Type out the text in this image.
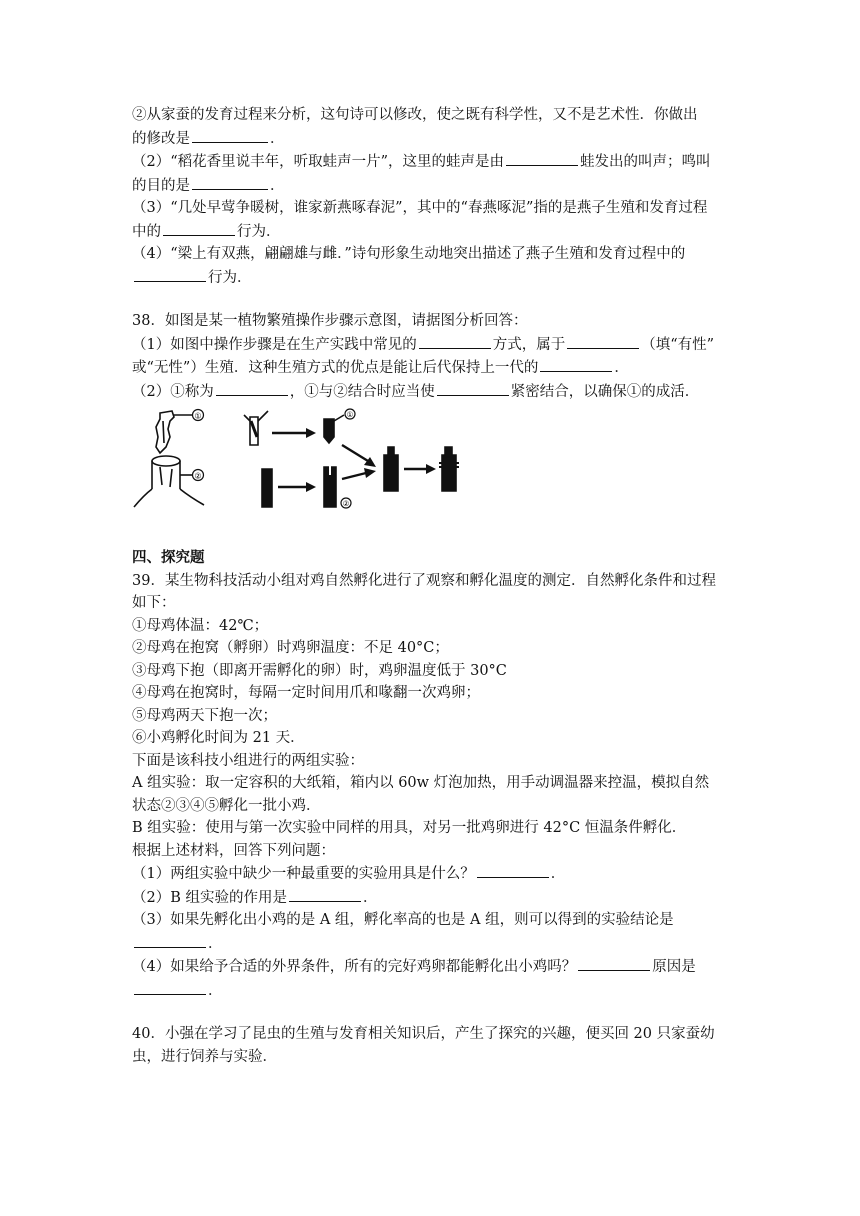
②从家蚕的发育过程来分析，这句诗可以修改，使之既有科学性，又不是艺术性．你做出

的修改是	．

（2）“稻花香里说丰年，听取蛙声一片”，这里的蛙声是由	蛙发出的叫声；鸣叫

的目的是	．

（3）“几处早莺争暖树，谁家新燕啄春泥”，其中的“春燕啄泥”指的是燕子生殖和发育过程

中的	行为．

（4）“梁上有双燕，翩翩雄与雌．”诗句形象生动地突出描述了燕子生殖和发育过程中的

行为．

38．如图是某一植物繁殖操作步骤示意图，请据图分析回答：

（1）如图中操作步骤是在生产实践中常见的	方式，属于	（填“有性”

或“无性”）生殖．这种生殖方式的优点是能让后代保持上一代的	．

（2）①称为	，①与②结合时应当使	紧密结合，以确保①的成活．

①
②
①
②

四、探究题

39．某生物科技活动小组对鸡自然孵化进行了观察和孵化温度的测定．自然孵化条件和过程

如下：

①母鸡体温：42℃；

②母鸡在抱窝（孵卵）时鸡卵温度：不足 40°C；

③母鸡下抱（即离开需孵化的卵）时，鸡卵温度低于 30°C

④母鸡在抱窝时，每隔一定时间用爪和喙翻一次鸡卵；

⑤母鸡两天下抱一次；

⑥小鸡孵化时间为 21 天．

下面是该科技小组进行的两组实验：

A 组实验：取一定容积的大纸箱，箱内以 60w 灯泡加热，用手动调温器来控温，模拟自然

状态②③④⑤孵化一批小鸡．

B 组实验：使用与第一次实验中同样的用具，对另一批鸡卵进行 42°C 恒温条件孵化．

根据上述材料，回答下列问题：

（1）两组实验中缺少一种最重要的实验用具是什么？	．

（2）B 组实验的作用是	．

（3）如果先孵化出小鸡的是 A 组，孵化率高的也是 A 组，则可以得到的实验结论是

．

（4）如果给予合适的外界条件，所有的完好鸡卵都能孵化出小鸡吗？	原因是

．

40．小强在学习了昆虫的生殖与发育相关知识后，产生了探究的兴趣，便买回 20 只家蚕幼

虫，进行饲养与实验．
